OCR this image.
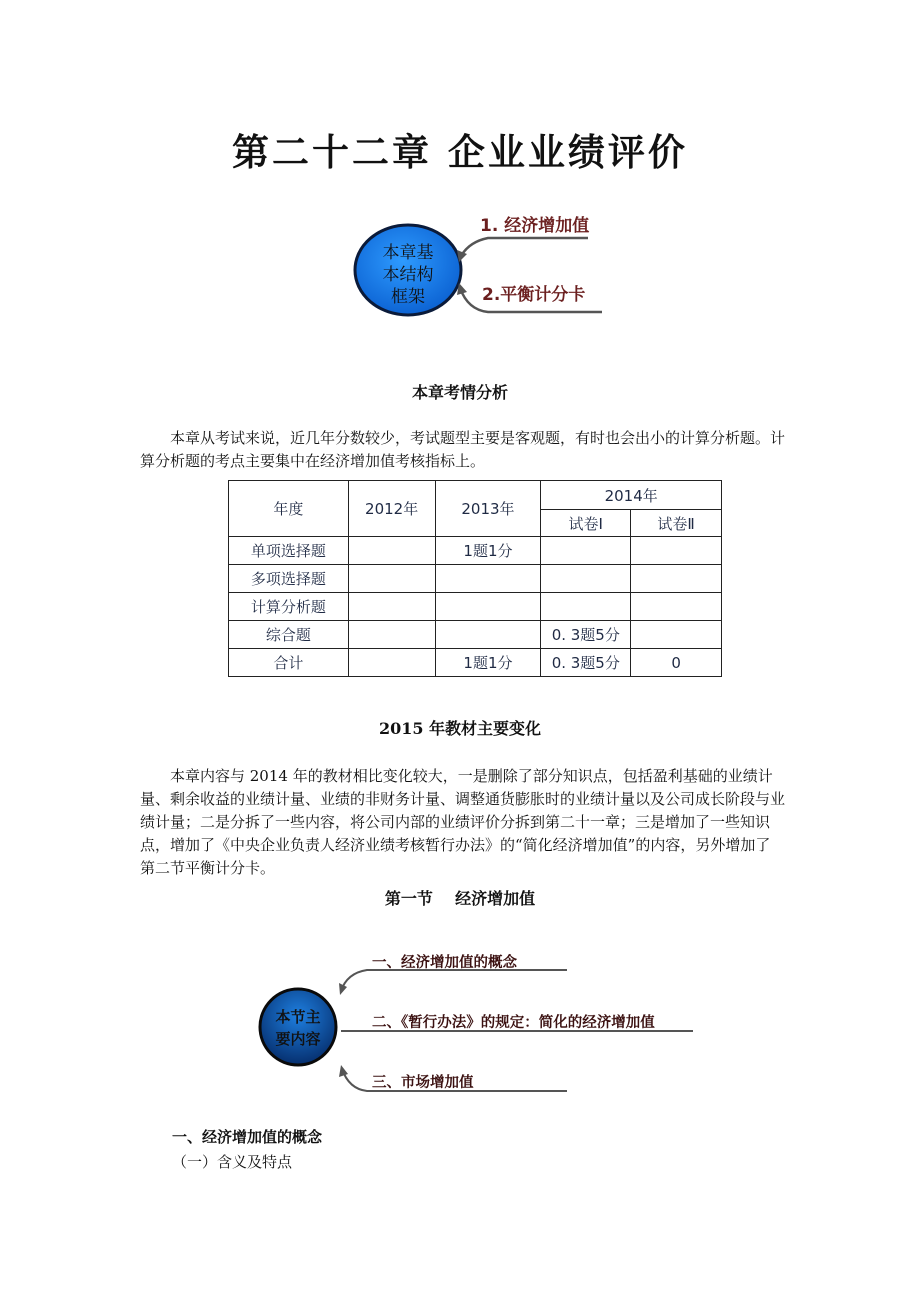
第二十二章 企业业绩评价
本章基
本结构
框架
1. 经济增加值
2.平衡计分卡
本章考情分析
本章从考试来说，近几年分数较少，考试题型主要是客观题，有时也会出小的计算分析题。计算分析题的考点主要集中在经济增加值考核指标上。
年度	2012年	2013年	2014年	
			试卷Ⅰ	试卷Ⅱ
单项选择题		1题1分		
多项选择题				
计算分析题				
综合题			0. 3题5分	
合计		1题1分	0. 3题5分	0
2015 年教材主要变化
本章内容与 2014 年的教材相比变化较大，一是删除了部分知识点，包括盈利基础的业绩计量、剩余收益的业绩计量、业绩的非财务计量、调整通货膨胀时的业绩计量以及公司成长阶段与业绩计量；二是分拆了一些内容，将公司内部的业绩评价分拆到第二十一章；三是增加了一些知识点，增加了《中央企业负责人经济业绩考核暂行办法》的“简化经济增加值”的内容，另外增加了第二节平衡计分卡。
第一节    经济增加值
本节主
要内容
一、经济增加值的概念
二、《暂行办法》的规定：简化的经济增加值
三、市场增加值
一、经济增加值的概念
（一）含义及特点
